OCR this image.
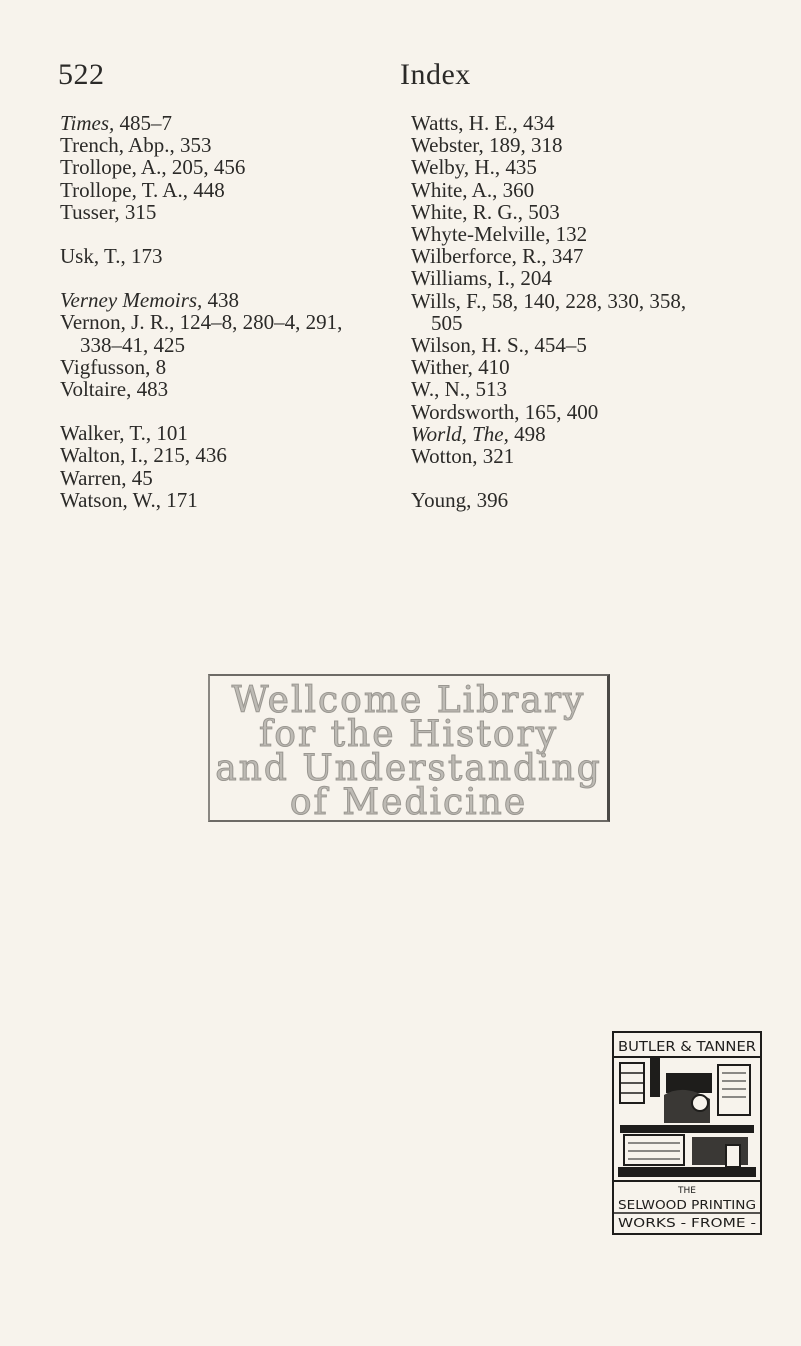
522	Index
Times, 485–7
Trench, Abp., 353
Trollope, A., 205, 456
Trollope, T. A., 448
Tusser, 315
Usk, T., 173
Verney Memoirs, 438
Vernon, J. R., 124–8, 280–4, 291,
338–41, 425
Vigfusson, 8
Voltaire, 483
Walker, T., 101
Walton, I., 215, 436
Warren, 45
Watson, W., 171
Watts, H. E., 434
Webster, 189, 318
Welby, H., 435
White, A., 360
White, R. G., 503
Whyte-Melville, 132
Wilberforce, R., 347
Williams, I., 204
Wills, F., 58, 140, 228, 330, 358,
505
Wilson, H. S., 454–5
Wither, 410
W., N., 513
Wordsworth, 165, 400
World, The, 498
Wotton, 321
Young, 396
Wellcome Library
for the History
and Understanding
of Medicine
BUTLER & TANNER
THE
SELWOOD PRINTING
WORKS - FROME -
